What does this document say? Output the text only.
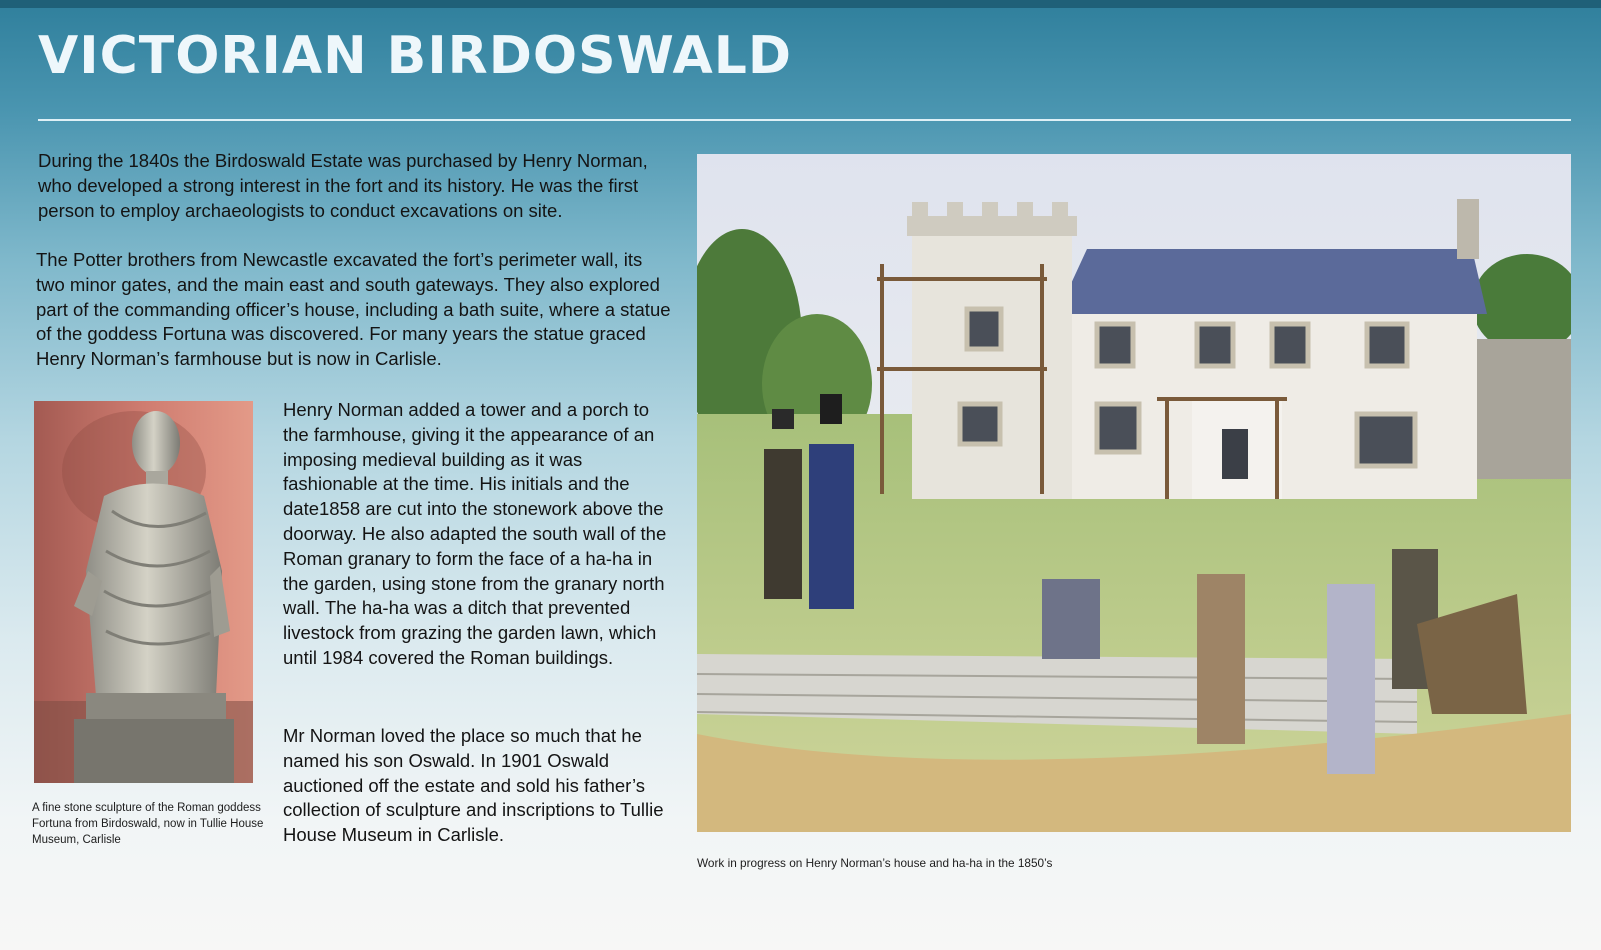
VICTORIAN BIRDOSWALD

During the 1840s the Birdoswald Estate was purchased by Henry Norman, who developed a strong interest in the fort and its history. He was the first person to employ archaeologists to conduct excavations on site.

The Potter brothers from Newcastle excavated the fort’s perimeter wall, its two minor gates, and the main east and south gateways. They also explored part of the commanding officer’s house, including a bath suite, where a statue of the goddess Fortuna was discovered. For many years the statue graced Henry Norman’s farmhouse but is now in Carlisle.

Henry Norman added a tower and a porch to the farmhouse, giving it the appearance of an imposing medieval building as it was fashionable at the time. His initials and the date1858 are cut into the stonework above the doorway. He also adapted the south wall of the Roman granary to form the face of a ha-ha in the garden, using stone from the granary north wall. The ha-ha was a ditch that prevented livestock from grazing the garden lawn, which until 1984 covered the Roman buildings.

Mr Norman loved the place so much that he named his son Oswald. In 1901 Oswald auctioned off the estate and sold his father’s collection of sculpture and inscriptions to Tullie House Museum in Carlisle.

A fine stone sculpture of the Roman goddess Fortuna from Birdoswald, now in Tullie House Museum, Carlisle

Work in progress on Henry Norman’s house and ha-ha in the 1850’s
